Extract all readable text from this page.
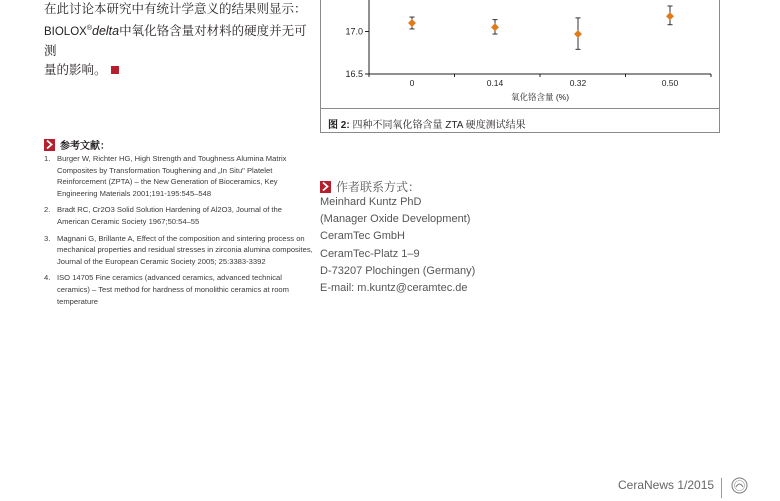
在此讨论本研究中有统计学意义的结果则显示：
BIOLOX®delta中氧化铬含量对材料的硬度并无可测
量的影响。
参考文献：
1. Burger W, Richter HG, High Strength and Toughness Alumina Matrix Composites by Transformation Toughening and „In Situ" Platelet Reinforcement (ZPTA) – the New Generation of Bioceramics, Key Engineering Materials 2001;191-195:545–548
2. Bradt RC, Cr2O3 Solid Solution Hardening of Al2O3, Journal of the American Ceramic Society 1967;50:54–55
3. Magnani G, Brillante A, Effect of the composition and sintering process on mechanical properties and residual stresses in zirconia alumina composites, Journal of the European Ceramic Society 2005; 25:3383-3392
4. ISO 14705 Fine ceramics (advanced ceramics, advanced technical ceramics) – Test method for hardness of monolithic ceramics at room temperature
16.5
17.0
0	0.14	0.32	0.50
氧化铬含量 (%)
图 2: 四种不同氧化铬含量 ZTA 硬度测试结果
作者联系方式：
Meinhard Kuntz PhD
(Manager Oxide Development)
CeramTec GmbH
CeramTec-Platz 1–9
D-73207 Plochingen (Germany)
E-mail: m.kuntz@ceramtec.de
CeraNews 1/2015
